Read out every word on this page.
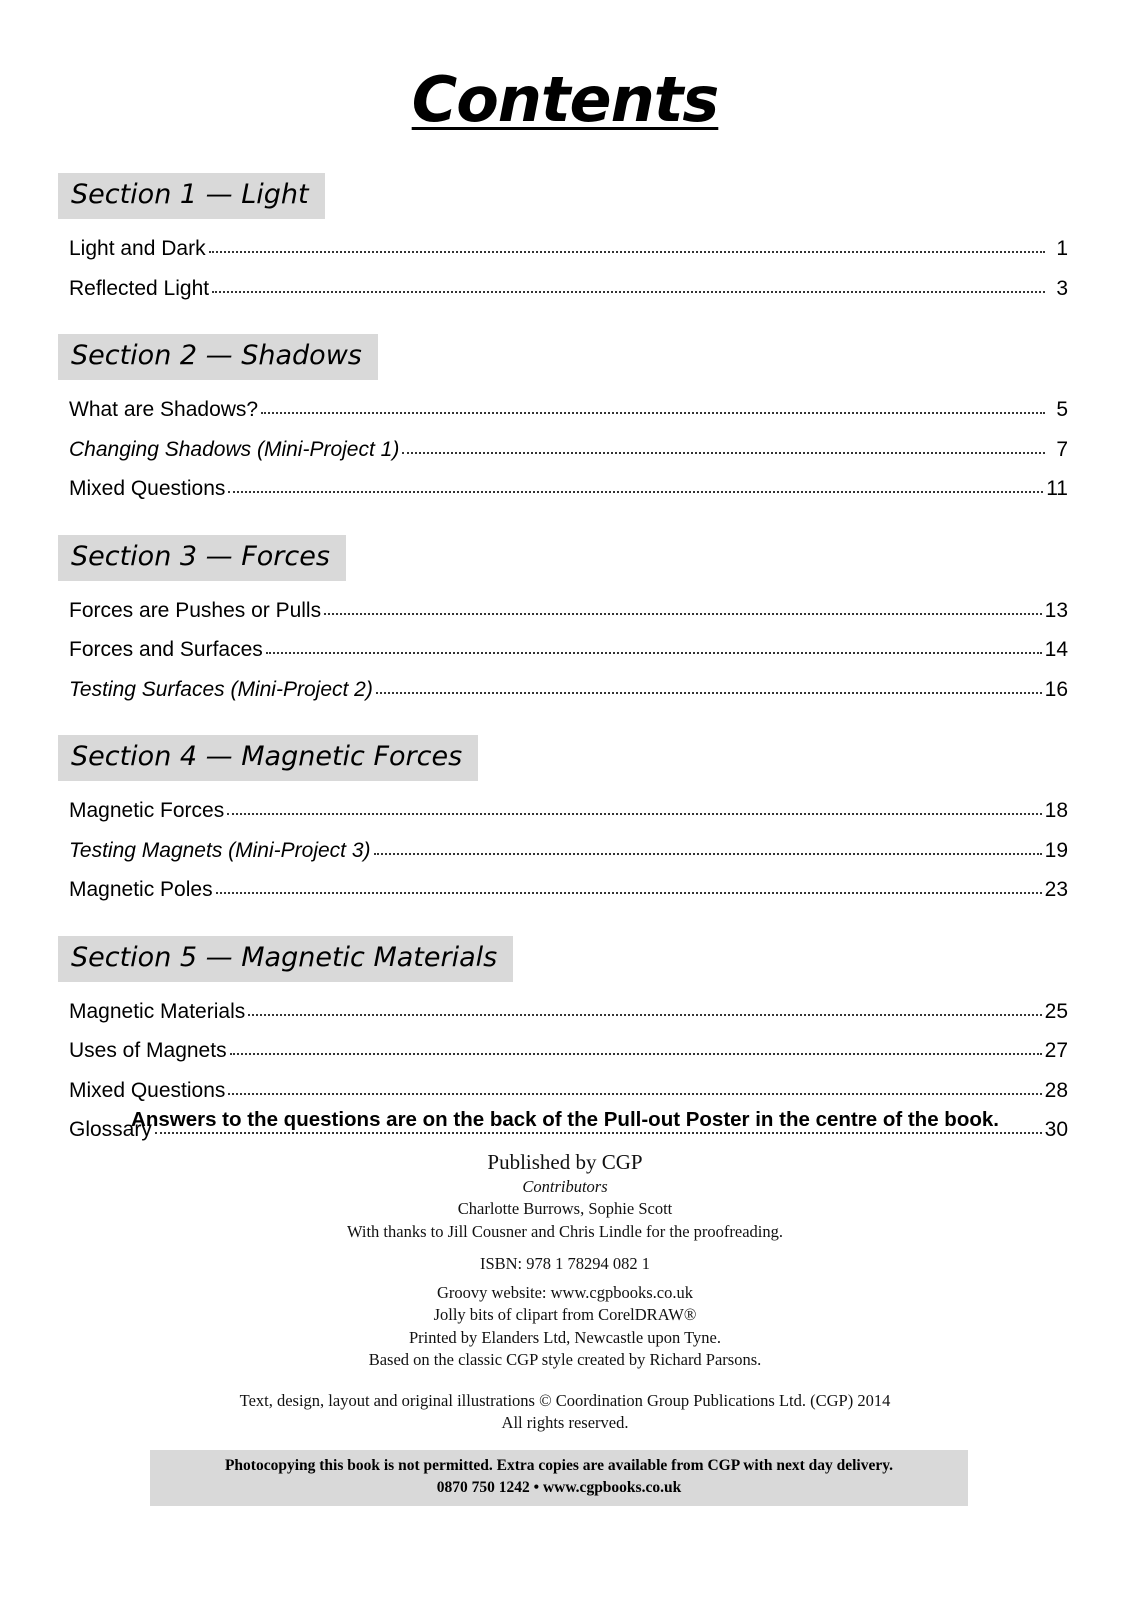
Contents
Section 1 — Light
Light and Dark	1
Reflected Light	3
Section 2 — Shadows
What are Shadows?	5
Changing Shadows (Mini-Project 1)	7
Mixed Questions	11
Section 3 — Forces
Forces are Pushes or Pulls	13
Forces and Surfaces	14
Testing Surfaces (Mini-Project 2)	16
Section 4 — Magnetic Forces
Magnetic Forces	18
Testing Magnets (Mini-Project 3)	19
Magnetic Poles	23
Section 5 — Magnetic Materials
Magnetic Materials	25
Uses of Magnets	27
Mixed Questions	28
Glossary	30
Answers to the questions are on the back of the Pull-out Poster in the centre of the book.
Published by CGP
Contributors
Charlotte Burrows, Sophie Scott
With thanks to Jill Cousner and Chris Lindle for the proofreading.
ISBN: 978 1 78294 082 1
Groovy website: www.cgpbooks.co.uk
Jolly bits of clipart from CorelDRAW®
Printed by Elanders Ltd, Newcastle upon Tyne.
Based on the classic CGP style created by Richard Parsons.
Text, design, layout and original illustrations © Coordination Group Publications Ltd. (CGP) 2014
All rights reserved.
Photocopying this book is not permitted. Extra copies are available from CGP with next day delivery.
0870 750 1242 • www.cgpbooks.co.uk
